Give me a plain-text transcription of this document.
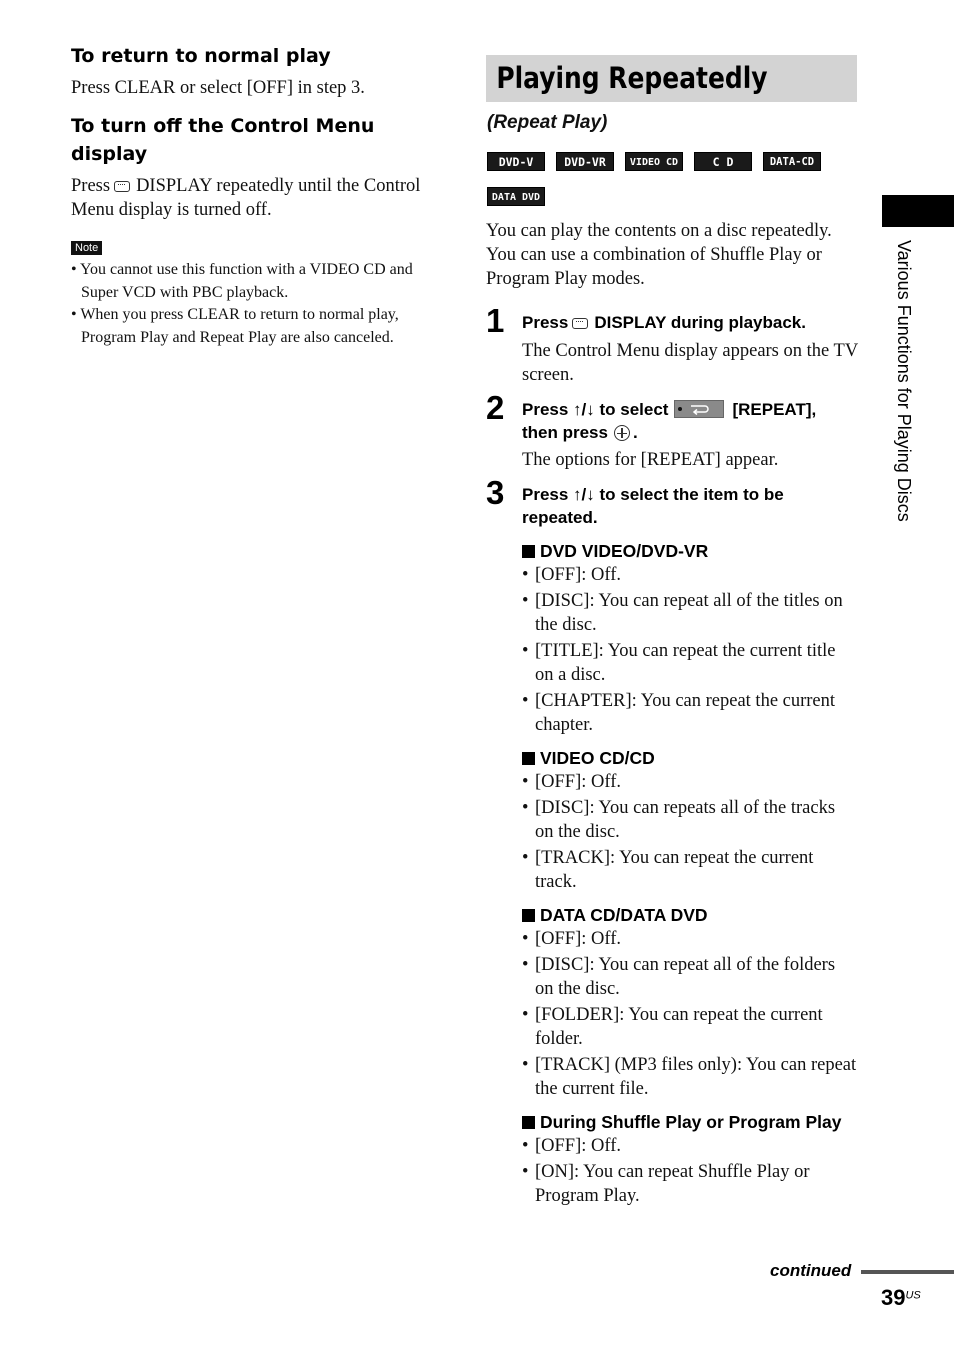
To return to normal play
Press CLEAR or select [OFF] in step 3.
To turn off the Control Menu display
Press DISPLAY repeatedly until the Control Menu display is turned off.
Note
• You cannot use this function with a VIDEO CD and Super VCD with PBC playback.
• When you press CLEAR to return to normal play, Program Play and Repeat Play are also canceled.
Playing Repeatedly
(Repeat Play)
DVD-V	DVD-VR	VIDEO CD	C D	DATA-CD
DATA DVD
You can play the contents on a disc repeatedly. You can use a combination of Shuffle Play or Program Play modes.
1 Press DISPLAY during playback.
The Control Menu display appears on the TV screen.
2 Press ↑/↓ to select	[REPEAT],
then press .
The options for [REPEAT] appear.
3 Press ↑/↓ to select the item to be repeated.
DVD VIDEO/DVD-VR
• [OFF]: Off.
• [DISC]: You can repeat all of the titles on the disc.
• [TITLE]: You can repeat the current title on a disc.
• [CHAPTER]: You can repeat the current chapter.
VIDEO CD/CD
• [OFF]: Off.
• [DISC]: You can repeats all of the tracks on the disc.
• [TRACK]: You can repeat the current track.
DATA CD/DATA DVD
• [OFF]: Off.
• [DISC]: You can repeat all of the folders on the disc.
• [FOLDER]: You can repeat the current folder.
• [TRACK] (MP3 files only): You can repeat the current file.
During Shuffle Play or Program Play
• [OFF]: Off.
• [ON]: You can repeat Shuffle Play or Program Play.
Various Functions for Playing Discs
continued
$39^{US}$
